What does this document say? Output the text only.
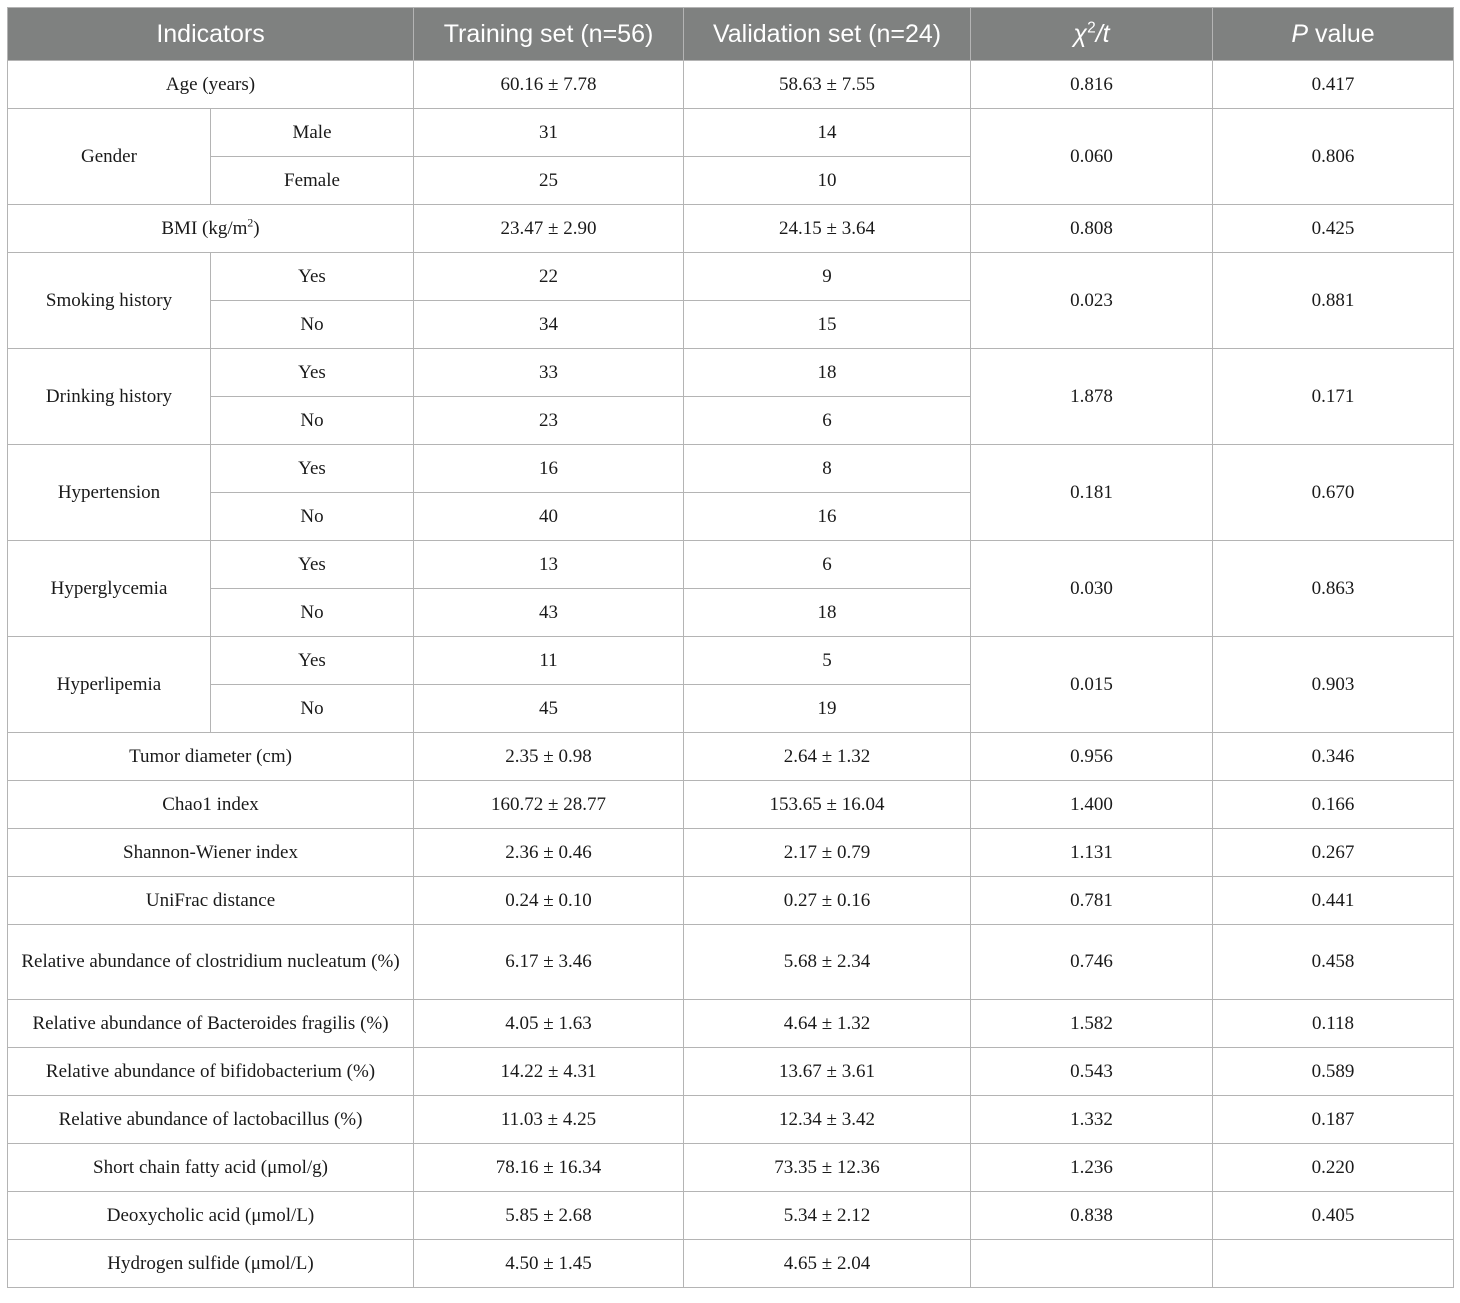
Indicators		Training set (n=56)	Validation set (n=24)	$\chi^2/t$	P value
Age (years)		60.16 ± 7.78	58.63 ± 7.55	0.816	0.417
Gender	Male	31	14	0.060	0.806
	Female	25	10		
BMI $(kg/m^2)$		23.47 ± 2.90	24.15 ± 3.64	0.808	0.425
Smoking history	Yes	22	9	0.023	0.881
	No	34	15		
Drinking history	Yes	33	18	1.878	0.171
	No	23	6		
Hypertension	Yes	16	8	0.181	0.670
	No	40	16		
Hyperglycemia	Yes	13	6	0.030	0.863
	No	43	18		
Hyperlipemia	Yes	11	5	0.015	0.903
	No	45	19		
Tumor diameter (cm)		2.35 ± 0.98	2.64 ± 1.32	0.956	0.346
Chao1 index		160.72 ± 28.77	153.65 ± 16.04	1.400	0.166
Shannon-Wiener index		2.36 ± 0.46	2.17 ± 0.79	1.131	0.267
UniFrac distance		0.24 ± 0.10	0.27 ± 0.16	0.781	0.441
Relative abundance of clostridium nucleatum (%)		6.17 ± 3.46	5.68 ± 2.34	0.746	0.458
Relative abundance of Bacteroides fragilis (%)		4.05 ± 1.63	4.64 ± 1.32	1.582	0.118
Relative abundance of bifidobacterium (%)		14.22 ± 4.31	13.67 ± 3.61	0.543	0.589
Relative abundance of lactobacillus (%)		11.03 ± 4.25	12.34 ± 3.42	1.332	0.187
Short chain fatty acid (μmol/g)		78.16 ± 16.34	73.35 ± 12.36	1.236	0.220
Deoxycholic acid (μmol/L)		5.85 ± 2.68	5.34 ± 2.12	0.838	0.405
Hydrogen sulfide (μmol/L)		4.50 ± 1.45	4.65 ± 2.04		
